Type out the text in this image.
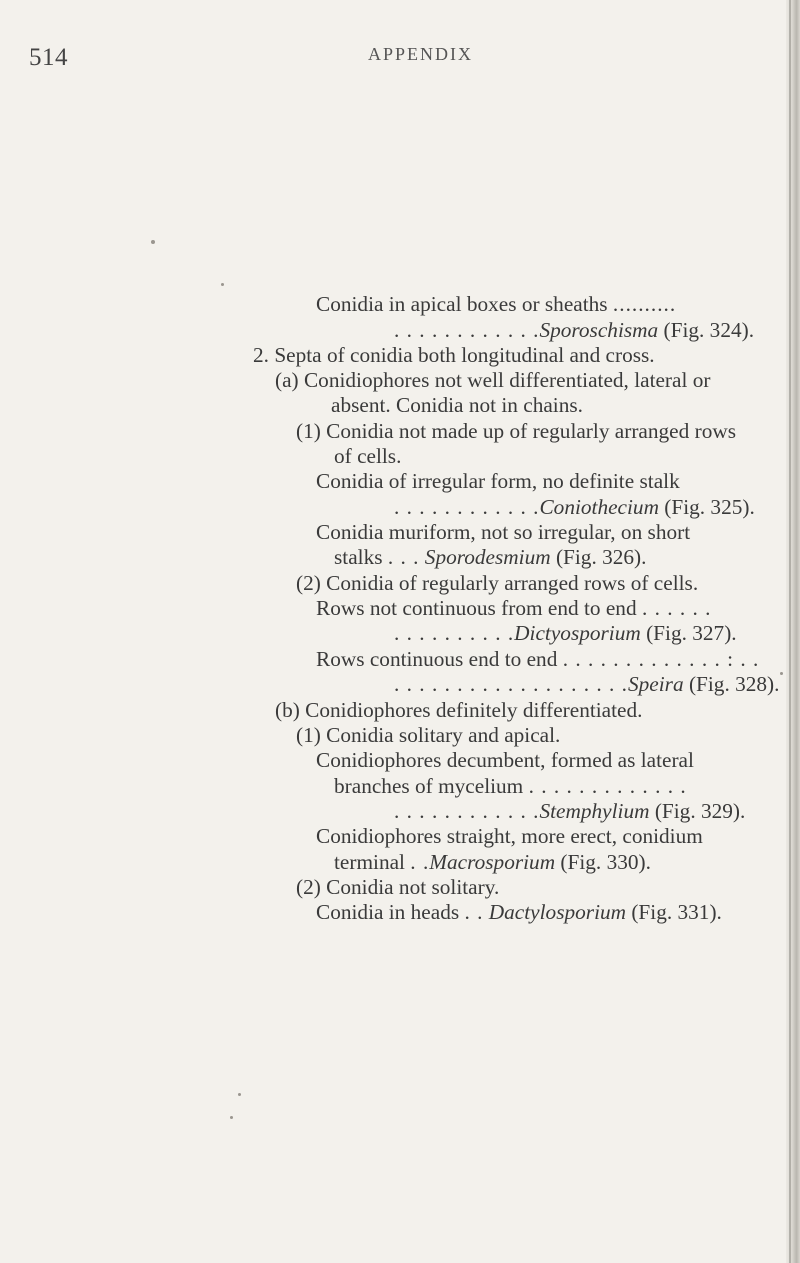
514	APPENDIX
Conidia in apical boxes or sheaths ..........
. . . . . . . . . . . .Sporoschisma (Fig. 324).
2. Septa of conidia both longitudinal and cross.
(a) Conidiophores not well differentiated, lateral or
absent. Conidia not in chains.
(1) Conidia not made up of regularly arranged rows
of cells.
Conidia of irregular form, no definite stalk
. . . . . . . . . . . .Coniothecium (Fig. 325).
Conidia muriform, not so irregular, on short
stalks . . . Sporodesmium (Fig. 326).
(2) Conidia of regularly arranged rows of cells.
Rows not continuous from end to end . . . . . .
. . . . . . . . . .Dictyosporium (Fig. 327).
Rows continuous end to end . . . . . . . . . . . . . : . .
. . . . . . . . . . . . . . . . . . .Speira (Fig. 328).
(b) Conidiophores definitely differentiated.
(1) Conidia solitary and apical.
Conidiophores decumbent, formed as lateral
branches of mycelium . . . . . . . . . . . . .
. . . . . . . . . . . .Stemphylium (Fig. 329).
Conidiophores straight, more erect, conidium
terminal . .Macrosporium (Fig. 330).
(2) Conidia not solitary.
Conidia in heads . . Dactylosporium (Fig. 331).
